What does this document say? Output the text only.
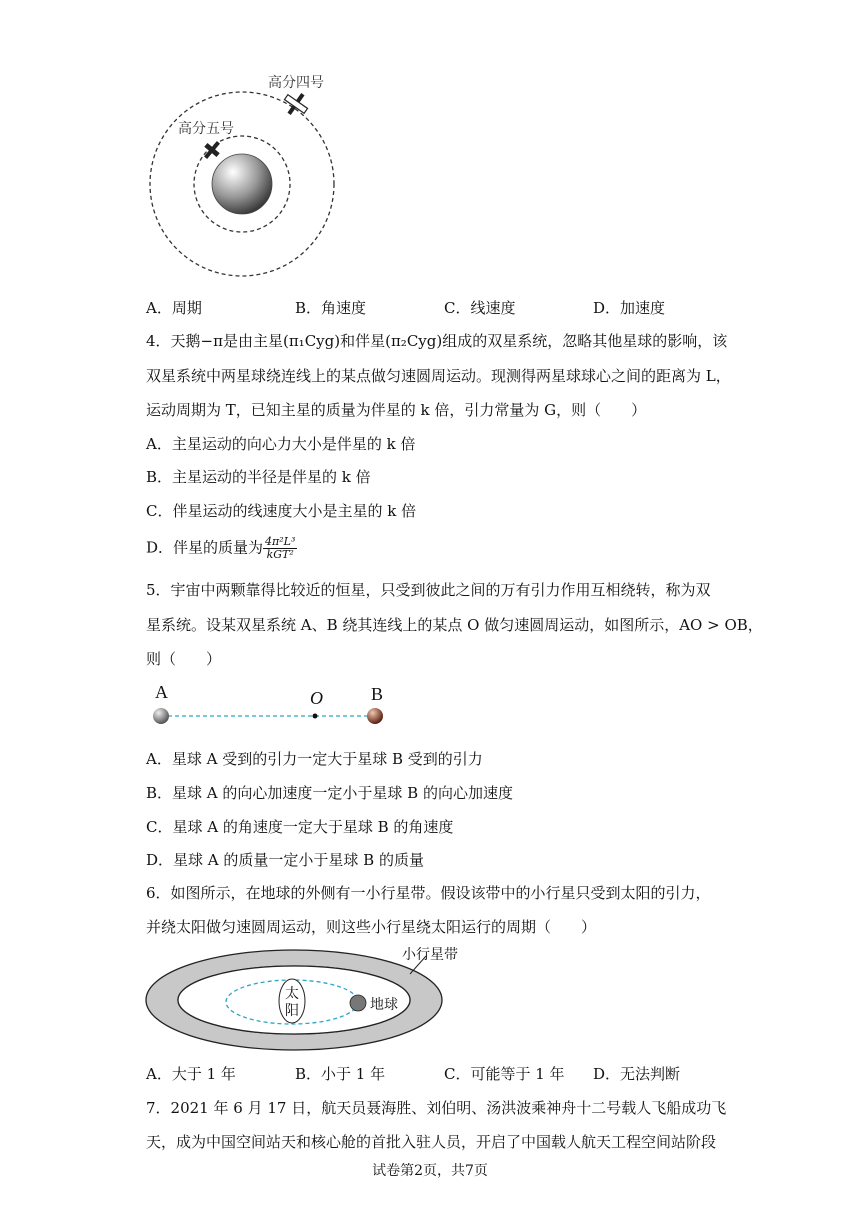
高分四号
高分五号
A．周期	B．角速度	C．线速度	D．加速度
4．天鹅−π是由主星(π₁Cyg)和伴星(π₂Cyg)组成的双星系统，忽略其他星球的影响，该
双星系统中两星球绕连线上的某点做匀速圆周运动。现测得两星球球心之间的距离为 L，
运动周期为 T，已知主星的质量为伴星的 k 倍，引力常量为 G，则（　　）
A．主星运动的向心力大小是伴星的 k 倍
B．主星运动的半径是伴星的 k 倍
C．伴星运动的线速度大小是主星的 k 倍
D．伴星的质量为 $\frac{\text{4π²L³}}{\text{kGT²}}$
5．宇宙中两颗靠得比较近的恒星，只受到彼此之间的万有引力作用互相绕转，称为双
星系统。设某双星系统 A、B 绕其连线上的某点 O 做匀速圆周运动，如图所示，AO > OB，
则（　　）
A	O	B
A．星球 A 受到的引力一定大于星球 B 受到的引力
B．星球 A 的向心加速度一定小于星球 B 的向心加速度
C．星球 A 的角速度一定大于星球 B 的角速度
D．星球 A 的质量一定小于星球 B 的质量
6．如图所示，在地球的外侧有一小行星带。假设该带中的小行星只受到太阳的引力，
并绕太阳做匀速圆周运动，则这些小行星绕太阳运行的周期（　　）
小行星带
太
阳	地球
A．大于 1 年	B．小于 1 年	C．可能等于 1 年 D．无法判断
7．2021 年 6 月 17 日，航天员聂海胜、刘伯明、汤洪波乘神舟十二号载人飞船成功飞
天，成为中国空间站天和核心舱的首批入驻人员，开启了中国载人航天工程空间站阶段
试卷第2页，共7页
